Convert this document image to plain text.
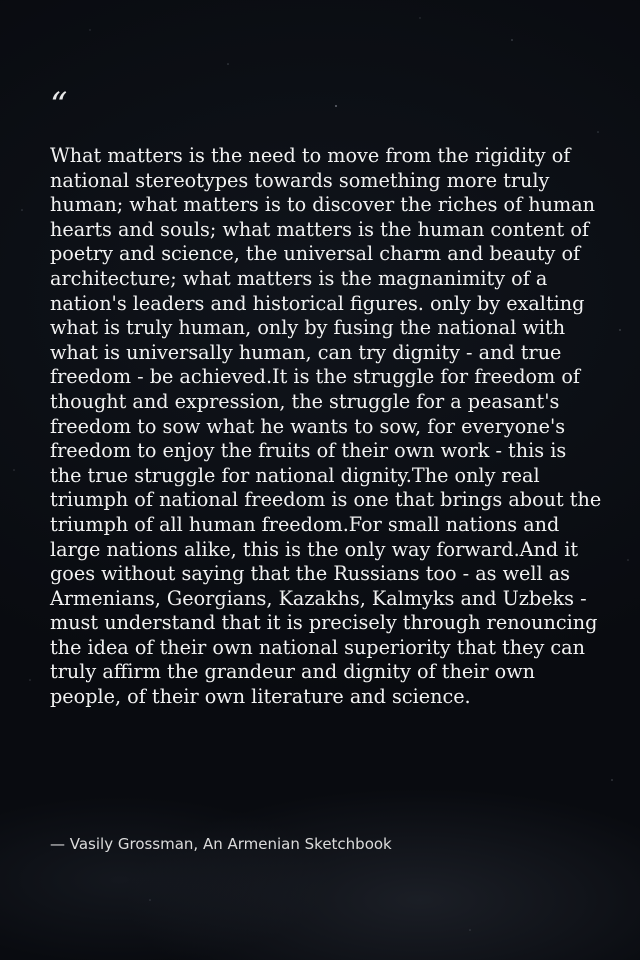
“

What matters is the need to move from the rigidity of national stereotypes towards something more truly human; what matters is to discover the riches of human hearts and souls; what matters is the human content of poetry and science, the universal charm and beauty of architecture; what matters is the magnanimity of a nation's leaders and historical figures. only by exalting what is truly human, only by fusing the national with what is universally human, can try dignity - and true freedom - be achieved.It is the struggle for freedom of thought and expression, the struggle for a peasant's freedom to sow what he wants to sow, for everyone's freedom to enjoy the fruits of their own work - this is the true struggle for national dignity.The only real triumph of national freedom is one that brings about the triumph of all human freedom.For small nations and large nations alike, this is the only way forward.And it goes without saying that the Russians too - as well as Armenians, Georgians, Kazakhs, Kalmyks and Uzbeks - must understand that it is precisely through renouncing the idea of their own national superiority that they can truly affirm the grandeur and dignity of their own people, of their own literature and science.

— Vasily Grossman, An Armenian Sketchbook
